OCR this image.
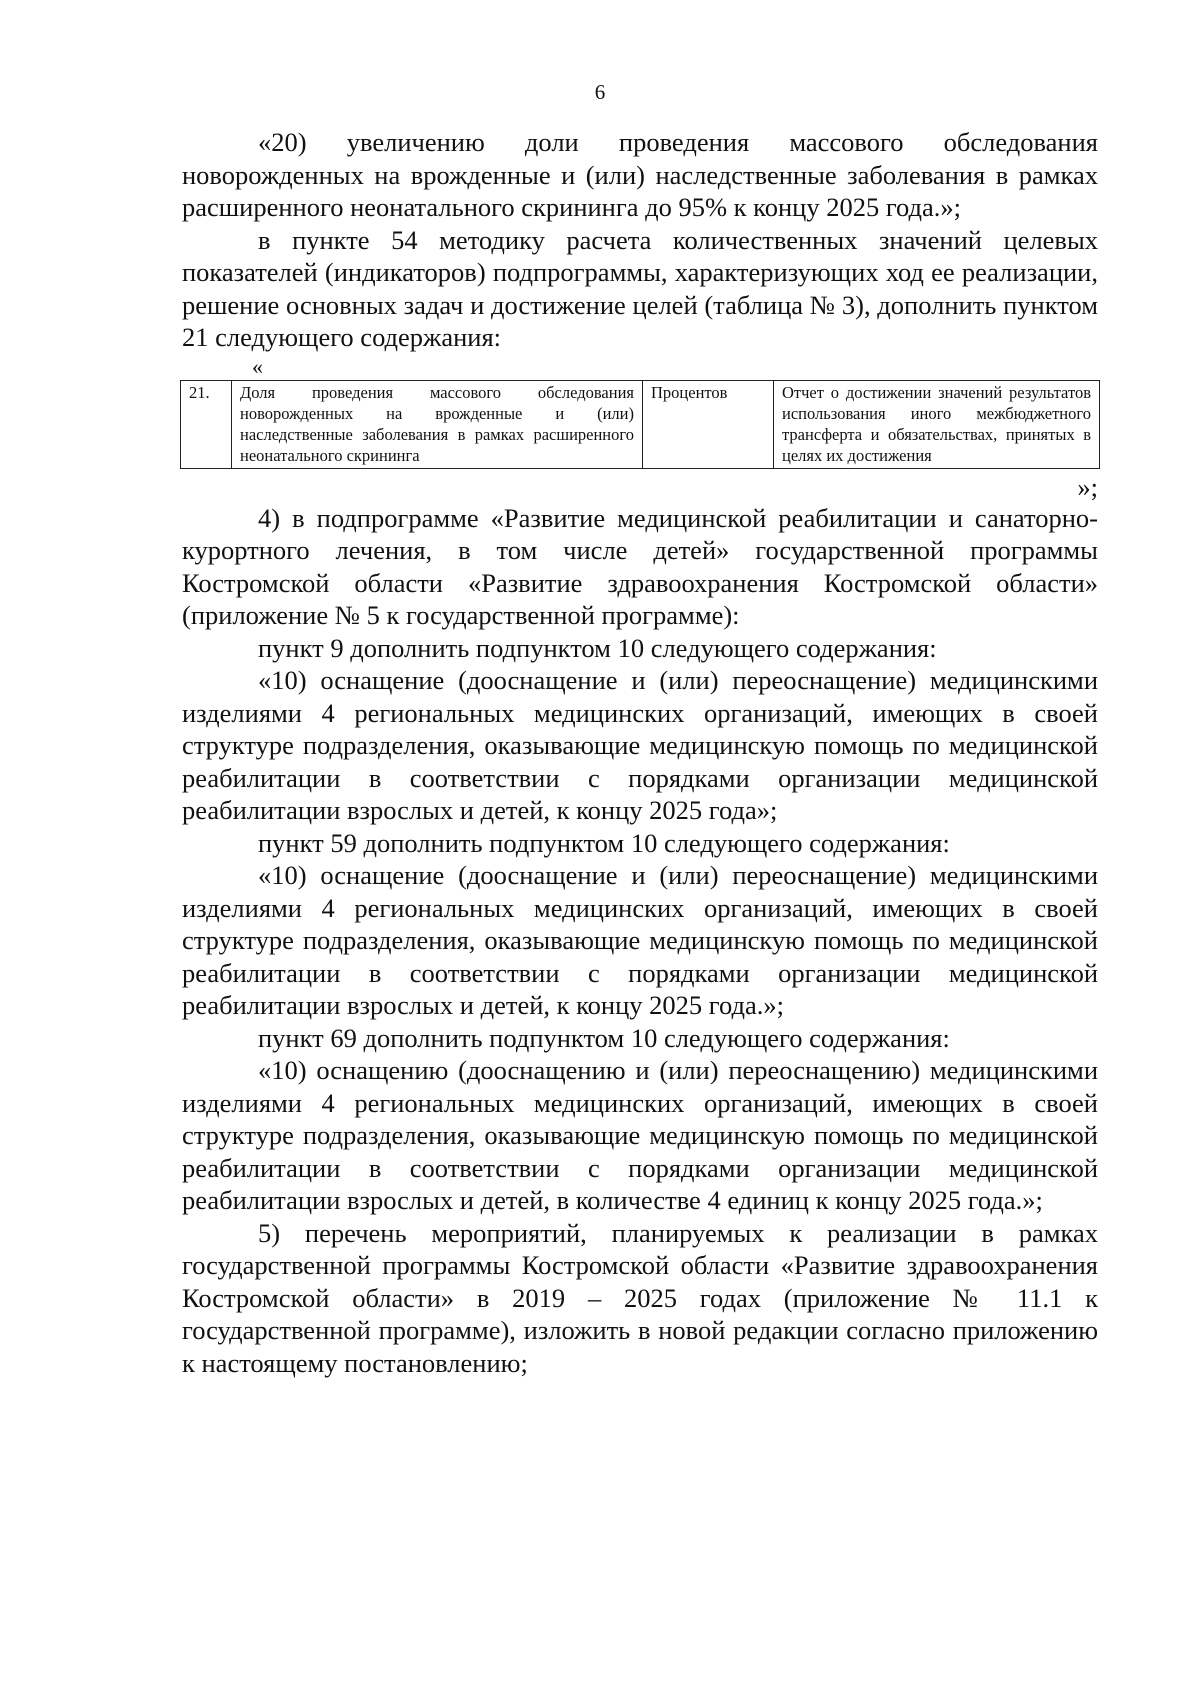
6

«20) увеличению доли проведения массового обследования новорожденных на врожденные и (или) наследственные заболевания в рамках расширенного неонатального скрининга до 95% к концу 2025 года.»;

в пункте 54 методику расчета количественных значений целевых показателей (индикаторов) подпрограммы, характеризующих ход ее реализации, решение основных задач и достижение целей (таблица № 3), дополнить пунктом 21 следующего содержания:

«
21.	Доля проведения массового обследования новорожденных на врожденные и (или) наследственные заболевания в рамках расширенного неонатального скрининга	Процентов	Отчет о достижении значений результатов использования иного межбюджетного трансферта и обязательствах, принятых в целях их достижения
»;

4) в подпрограмме «Развитие медицинской реабилитации и санаторно-курортного лечения, в том числе детей» государственной программы Костромской области «Развитие здравоохранения Костромской области» (приложение № 5 к государственной программе):

пункт 9 дополнить подпунктом 10 следующего содержания:

«10) оснащение (дооснащение и (или) переоснащение) медицинскими изделиями 4 региональных медицинских организаций, имеющих в своей структуре подразделения, оказывающие медицинскую помощь по медицинской реабилитации в соответствии с порядками организации медицинской реабилитации взрослых и детей, к концу 2025 года»;

пункт 59 дополнить подпунктом 10 следующего содержания:

«10) оснащение (дооснащение и (или) переоснащение) медицинскими изделиями 4 региональных медицинских организаций, имеющих в своей структуре подразделения, оказывающие медицинскую помощь по медицинской реабилитации в соответствии с порядками организации медицинской реабилитации взрослых и детей, к концу 2025 года.»;

пункт 69 дополнить подпунктом 10 следующего содержания:

«10) оснащению (дооснащению и (или) переоснащению) медицинскими изделиями 4 региональных медицинских организаций, имеющих в своей структуре подразделения, оказывающие медицинскую помощь по медицинской реабилитации в соответствии с порядками организации медицинской реабилитации взрослых и детей, в количестве 4 единиц к концу 2025 года.»;

5) перечень мероприятий, планируемых к реализации в рамках государственной программы Костромской области «Развитие здравоохранения Костромской области» в 2019 – 2025 годах (приложение № 11.1 к государственной программе), изложить в новой редакции согласно приложению к настоящему постановлению;
